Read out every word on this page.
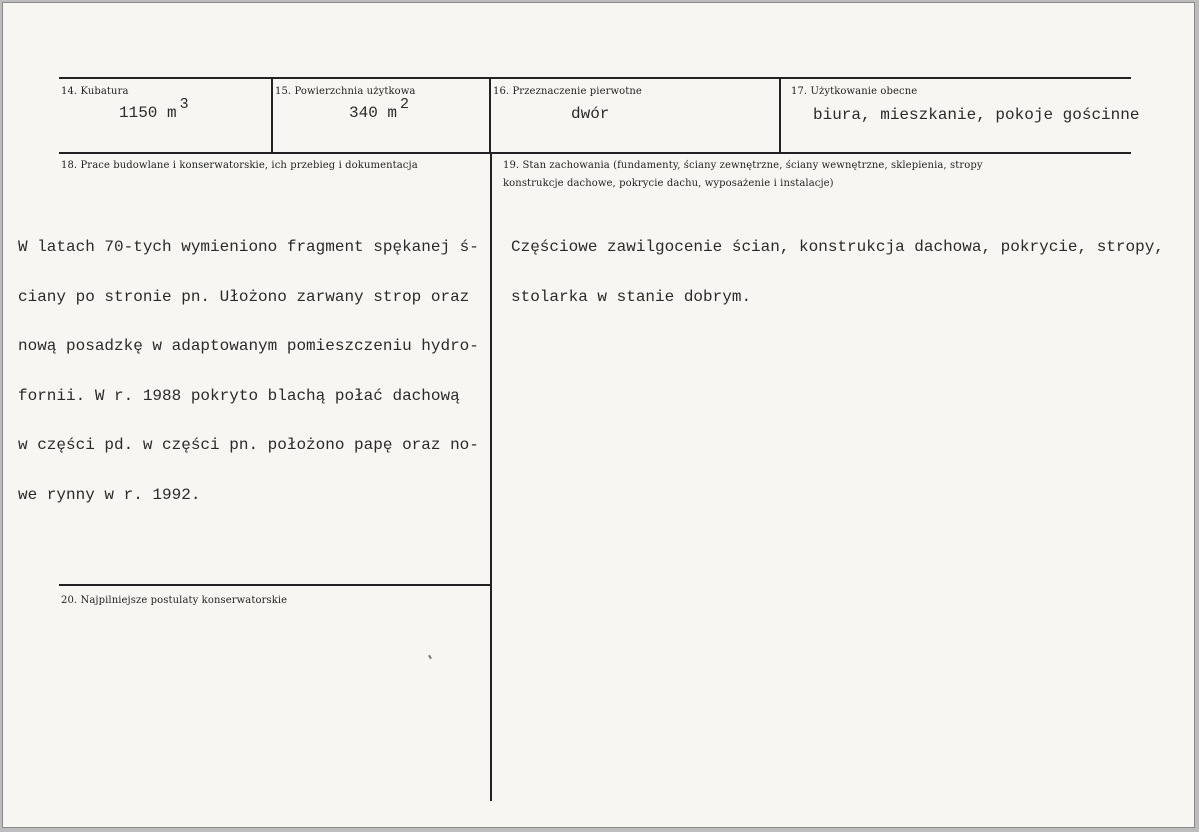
14. Kubatura
1150 m 3
15. Powierzchnia użytkowa
340 m 2
16. Przeznaczenie pierwotne
dwór
17. Użytkowanie obecne
biura, mieszkanie, pokoje gościnne
18. Prace budowlane i konserwatorskie, ich przebieg i dokumentacja

W latach 70-tych wymieniono fragment spękanej ś-

ciany po stronie pn. Ułożono zarwany strop oraz

nową posadzkę w adaptowanym pomieszczeniu hydro-

fornii. W r. 1988 pokryto blachą połać dachową

w części pd. w części pn. położono papę oraz no-

we rynny w r. 1992.

19. Stan zachowania (fundamenty, ściany zewnętrzne, ściany wewnętrzne, sklepienia, stropy
konstrukcje dachowe, pokrycie dachu, wyposażenie i instalacje)

Częściowe zawilgocenie ścian, konstrukcja dachowa, pokrycie, stropy,

stolarka w stanie dobrym.

20. Najpilniejsze postulaty konserwatorskie
